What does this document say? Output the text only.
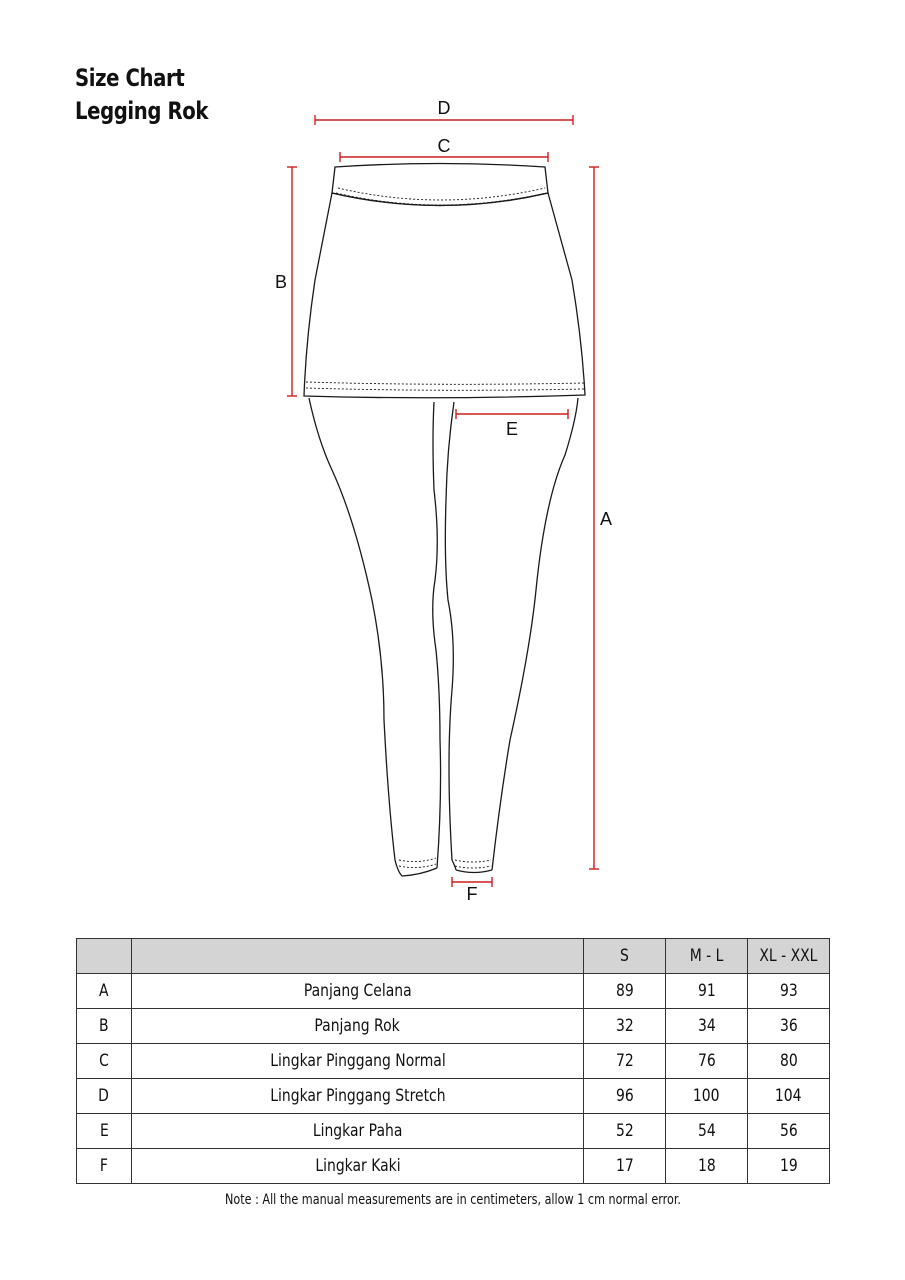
Size Chart
Legging Rok	D
C
B
A
E
F
		S	M - L	XL - XXL
A	Panjang Celana	89	91	93
B	Panjang Rok	32	34	36
C	Lingkar Pinggang Normal	72	76	80
D	Lingkar Pinggang Stretch	96	100	104
E	Lingkar Paha	52	54	56
F	Lingkar Kaki	17	18	19
Note : All the manual measurements are in centimeters, allow 1 cm normal error.
